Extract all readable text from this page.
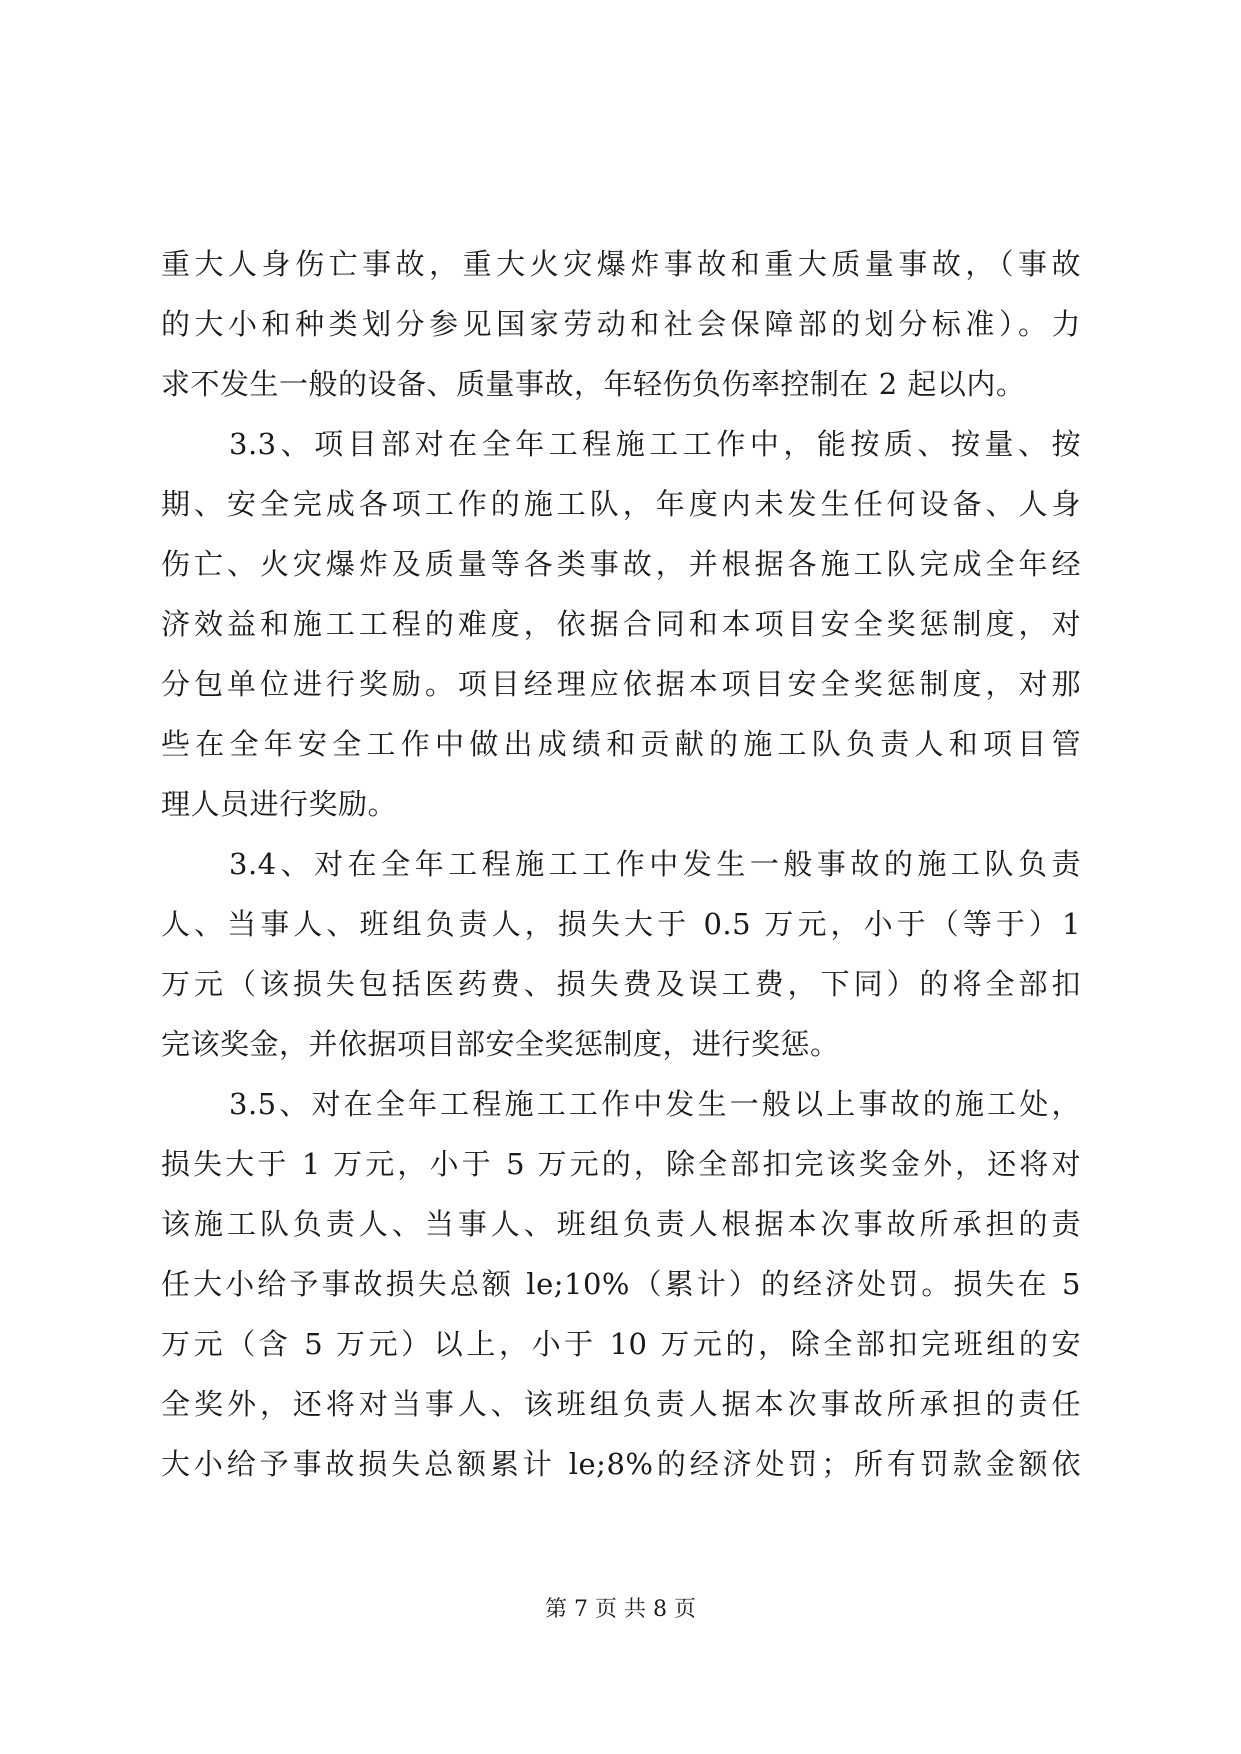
重大人身伤亡事故，重大火灾爆炸事故和重大质量事故，（事故
的大小和种类划分参见国家劳动和社会保障部的划分标准）。力
求不发生一般的设备、质量事故，年轻伤负伤率控制在 2 起以内。
3.3、项目部对在全年工程施工工作中，能按质、按量、按
期、安全完成各项工作的施工队，年度内未发生任何设备、人身
伤亡、火灾爆炸及质量等各类事故，并根据各施工队完成全年经
济效益和施工工程的难度，依据合同和本项目安全奖惩制度，对
分包单位进行奖励。项目经理应依据本项目安全奖惩制度，对那
些在全年安全工作中做出成绩和贡献的施工队负责人和项目管
理人员进行奖励。
3.4、对在全年工程施工工作中发生一般事故的施工队负责
人、当事人、班组负责人，损失大于 0.5 万元，小于（等于）1
万元（该损失包括医药费、损失费及误工费，下同）的将全部扣
完该奖金，并依据项目部安全奖惩制度，进行奖惩。
3.5、对在全年工程施工工作中发生一般以上事故的施工处，
损失大于 1 万元，小于 5 万元的，除全部扣完该奖金外，还将对
该施工队负责人、当事人、班组负责人根据本次事故所承担的责
任大小给予事故损失总额 le;10%（累计）的经济处罚。损失在 5
万元（含 5 万元）以上，小于 10 万元的，除全部扣完班组的安
全奖外，还将对当事人、该班组负责人据本次事故所承担的责任
大小给予事故损失总额累计 le;8%的经济处罚；所有罚款金额依
第 7 页 共 8 页
